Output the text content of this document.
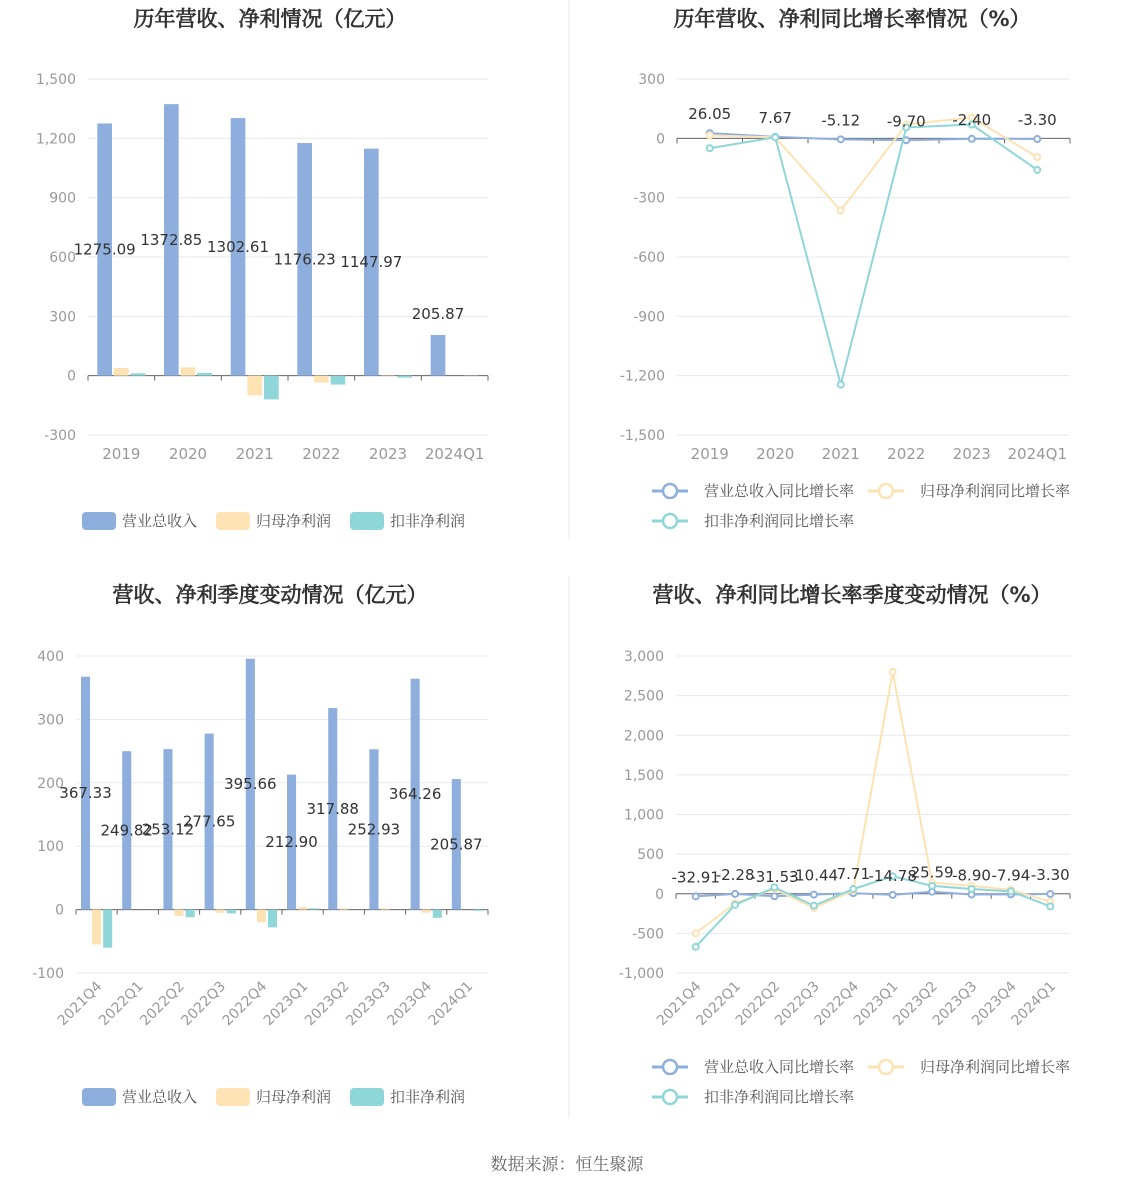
历年营收、净利情况（亿元）
-300
0
300
600
900
1,200
1,500
2019 2020 2021 2022 2023 2024Q1
1275.09
1372.85 1302.61
1176.23 1147.97
205.87
营业总收入	归母净利润	扣非净利润
历年营收、净利同比增长率情况（%）
-1,500
-1,200
-900
-600
-300
0
300
2019 2020 2021 2022 2023 2024Q1
26.05 7.67 -5.12 -9.70 -2.40 -3.30
营业总收入同比增长率	归母净利润同比增长率
扣非净利润同比增长率
营收、净利季度变动情况（亿元）
-100
0
100
200
300
400
2021Q4
2022Q1
2022Q2
2022Q3
2022Q4
2023Q1
2023Q2
2023Q3
2023Q4
2024Q1
367.33
249.82
253.12
277.65
395.66
212.90
317.88
252.93
364.26
205.87
营业总收入	归母净利润	扣非净利润
营收、净利同比增长率季度变动情况（%）
-1,000
-500
0
500
1,000
1,500
2,000
2,500
3,000
2021Q4
2022Q1
2022Q2
2022Q3
2022Q4
2023Q1
2023Q2
2023Q3
2023Q4
2024Q1
-32.91
-2.28
-31.53
-10.44
7.71
-14.78
25.59
-8.90 -7.94 -3.30
营业总收入同比增长率	归母净利润同比增长率
扣非净利润同比增长率
数据来源：恒生聚源
